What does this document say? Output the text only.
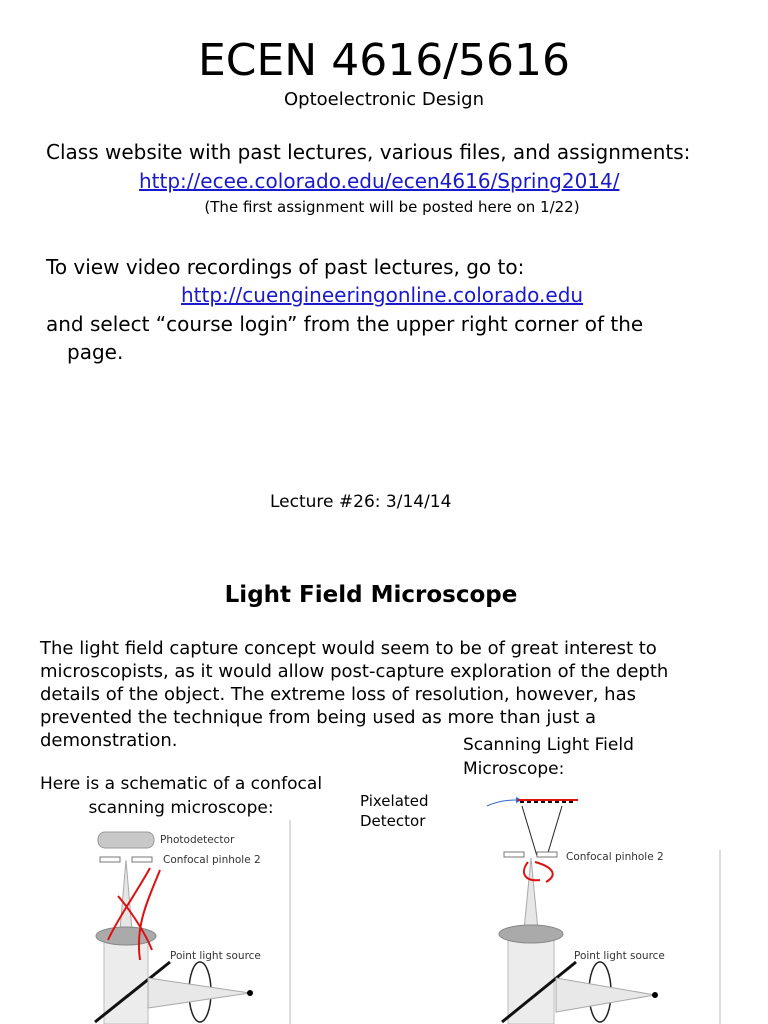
ECEN 4616/5616
Optoelectronic Design
Class website with past lectures, various files, and assignments:
http://ecee.colorado.edu/ecen4616/Spring2014/
(The first assignment will be posted here on 1/22)
To view video recordings of past lectures, go to:
http://cuengineeringonline.colorado.edu
and select “course login” from the upper right corner of the
page.
Lecture #26: 3/14/14
Light Field Microscope
The light field capture concept would seem to be of great interest to
microscopists, as it would allow post-capture exploration of the depth
details of the object. The extreme loss of resolution, however, has
prevented the technique from being used as more than just a
demonstration.	Scanning Light Field Microscope:
Here is a schematic of a confocal scanning microscope:	Pixelated Detector
Photodetector
Confocal pinhole 2
Point light source
Confocal pinhole 2
Point light source
